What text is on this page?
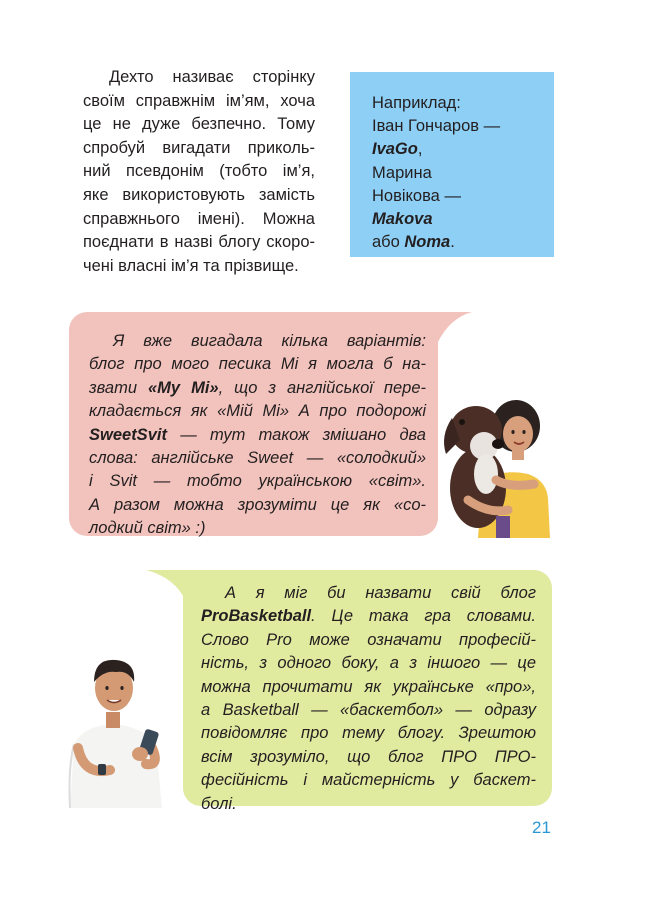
Дехто називає сторінку
своїм справжнім ім’ям, хоча
це не дуже безпечно. Тому
спробуй вигадати приколь-
ний псевдонім (тобто ім’я,
яке використовують замість
справжнього імені). Можна
поєднати в назві блогу скоро-
чені власні ім’я та прізвище.

Наприклад:
Іван Гончаров —
IvaGo,
Марина
Новікова —
Makova
або Noma.
Я вже вигадала кілька варіантів:
блог про мого песика Мі я могла б на-
звати «My Mi», що з англійської пере-
кладається як «Мій Мі» А про подорожі
SweetSvit — тут також змішано два
слова: англійське Sweet — «солодкий»
і Svit — тобто українською «світ».
А разом можна зрозуміти це як «со-
лодкий світ» :)
А я міг би назвати свій блог
ProBasketball. Це така гра словами.
Слово Pro може означати професій-
ність, з одного боку, а з іншого — це
можна прочитати як українське «про»,
а Basketball — «баскетбол» — одразу
повідомляє про тему блогу. Зрештою
всім зрозуміло, що блог ПРО ПРО-
фесійність і майстерність у баскет-
болі.
21
